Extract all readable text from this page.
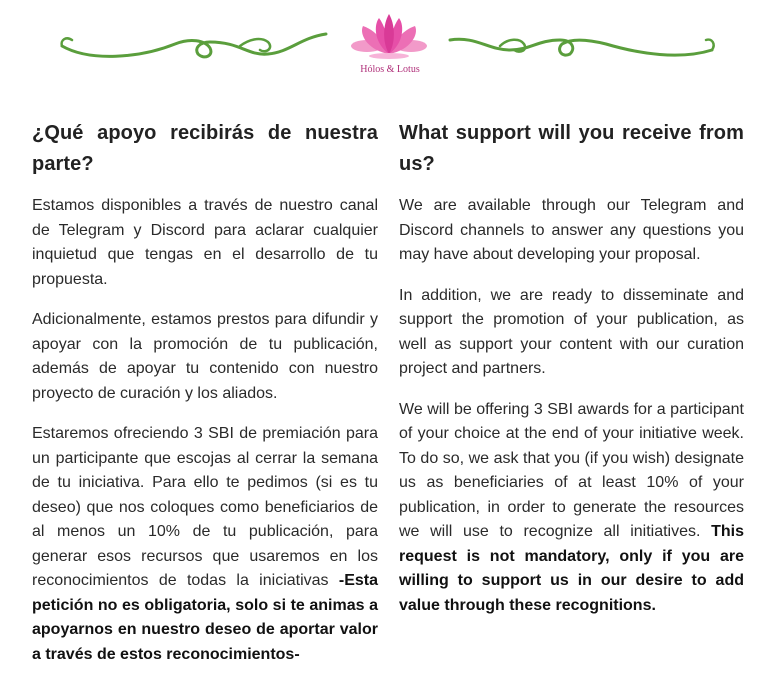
Hólos & Lotus
¿Qué apoyo recibirás de nuestra parte?

Estamos disponibles a través de nuestro canal de Telegram y Discord para aclarar cualquier inquietud que tengas en el desarrollo de tu propuesta.

Adicionalmente, estamos prestos para difundir y apoyar con la promoción de tu publicación, además de apoyar tu contenido con nuestro proyecto de curación y los aliados.

Estaremos ofreciendo 3 SBI de premiación para un participante que escojas al cerrar la semana de tu iniciativa. Para ello te pedimos (si es tu deseo) que nos coloques como beneficiarios de al menos un 10% de tu publicación, para generar esos recursos que usaremos en los reconocimientos de todas la iniciativas -Esta petición no es obligatoria, solo si te animas a apoyarnos en nuestro deseo de aportar valor a través de estos reconocimientos-

What support will you receive from us?

We are available through our Telegram and Discord channels to answer any questions you may have about developing your proposal.

In addition, we are ready to disseminate and support the promotion of your publication, as well as support your content with our curation project and partners.

We will be offering 3 SBI awards for a participant of your choice at the end of your initiative week. To do so, we ask that you (if you wish) designate us as beneficiaries of at least 10% of your publication, in order to generate the resources we will use to recognize all initiatives. This request is not mandatory, only if you are willing to support us in our desire to add value through these recognitions.
